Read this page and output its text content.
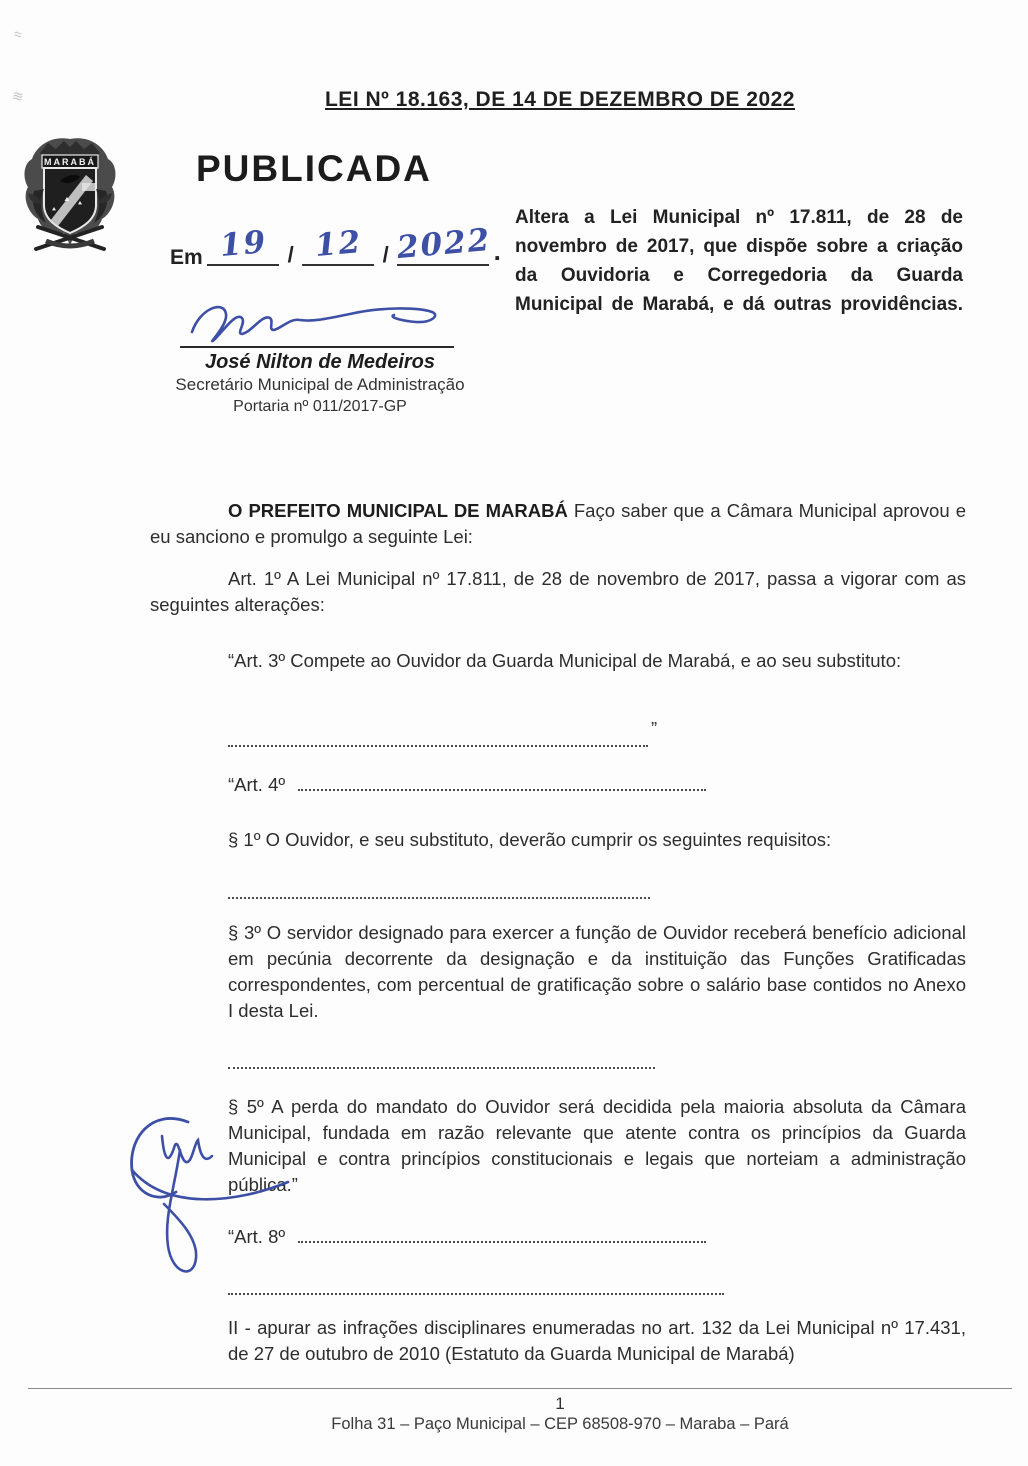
≈
≋	LEI Nº 18.163, DE 14 DE DEZEMBRO DE 2022
MARABÁ	PUBLICADA
Em 19 / 12 / 2022 .
José Nilton de Medeiros
Secretário Municipal de Administração
Portaria nº 011/2017-GP
Altera a Lei Municipal nº 17.811, de 28 de novembro de 2017, que dispõe sobre a criação da Ouvidoria e Corregedoria da Guarda Municipal de Marabá, e dá outras providências.
O PREFEITO MUNICIPAL DE MARABÁ Faço saber que a Câmara Municipal aprovou e eu sanciono e promulgo a seguinte Lei:
Art. 1º A Lei Municipal nº 17.811, de 28 de novembro de 2017, passa a vigorar com as seguintes alterações:
“Art. 3º Compete ao Ouvidor da Guarda Municipal de Marabá, e ao seu substituto:
”
“Art. 4º
§ 1º O Ouvidor, e seu substituto, deverão cumprir os seguintes requisitos:
§ 3º O servidor designado para exercer a função de Ouvidor receberá benefício adicional em pecúnia decorrente da designação e da instituição das Funções Gratificadas correspondentes, com percentual de gratificação sobre o salário base contidos no Anexo I desta Lei.
§ 5º A perda do mandato do Ouvidor será decidida pela maioria absoluta da Câmara Municipal, fundada em razão relevante que atente contra os princípios da Guarda Municipal e contra princípios constitucionais e legais que norteiam a administração pública.”
“Art. 8º
II - apurar as infrações disciplinares enumeradas no art. 132 da Lei Municipal nº 17.431, de 27 de outubro de 2010 (Estatuto da Guarda Municipal de Marabá)
1
Folha 31 – Paço Municipal – CEP 68508-970 – Maraba – Pará
